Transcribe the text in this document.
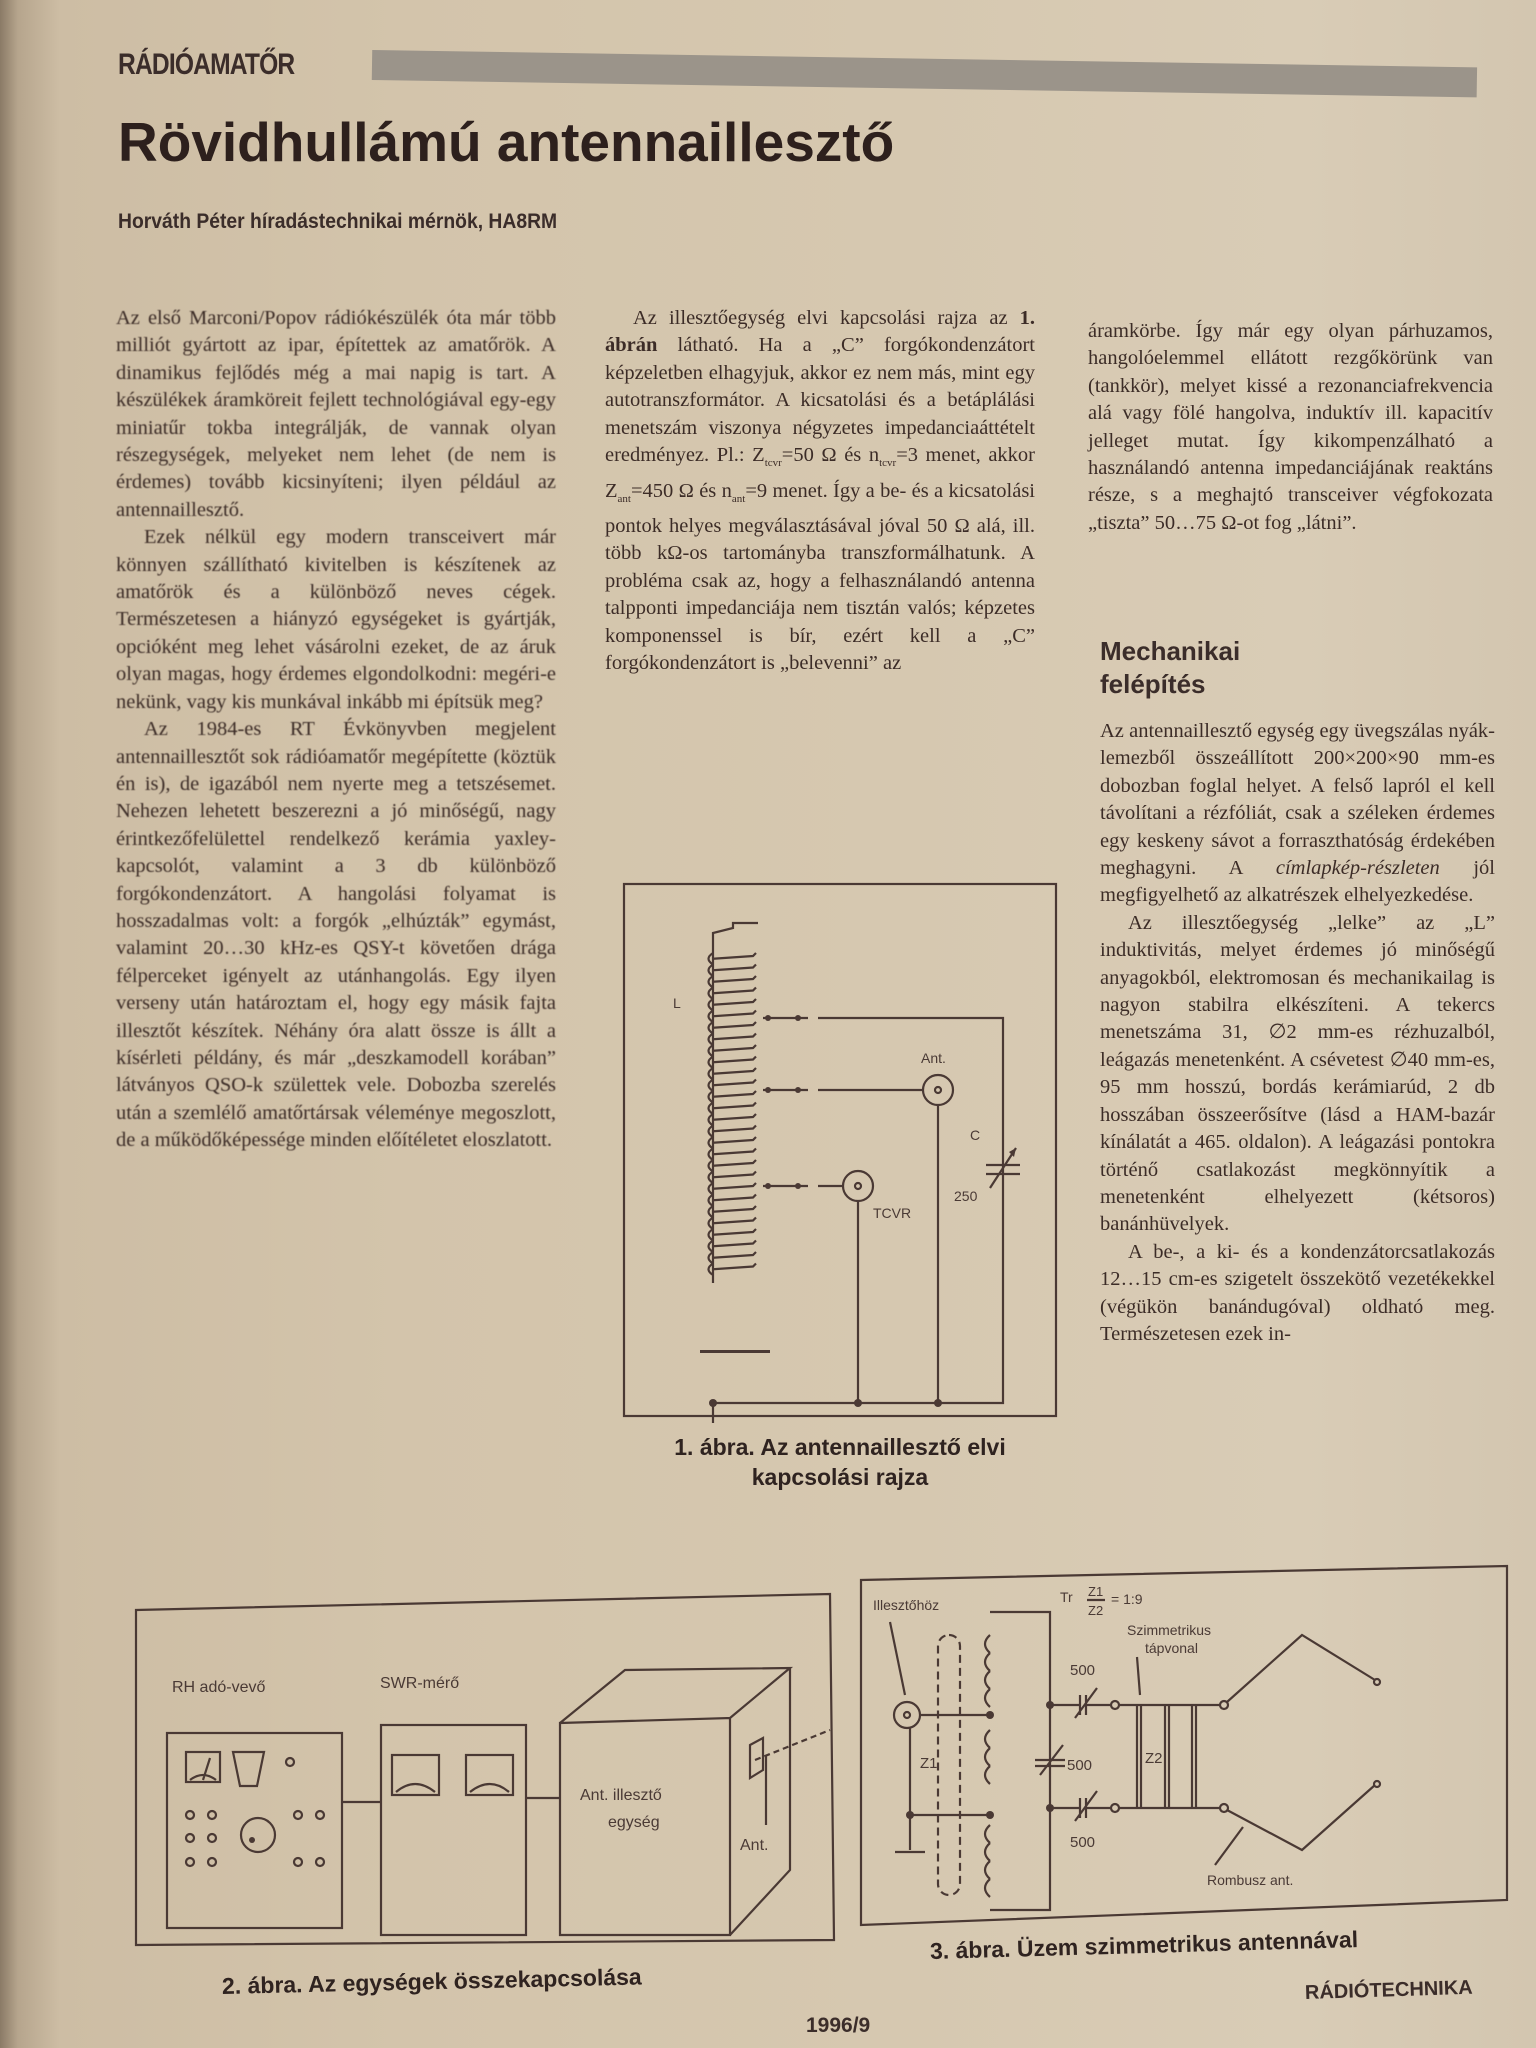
RÁDIÓAMATŐR
Rövidhullámú antennaillesztő
Horváth Péter híradástechnikai mérnök, HA8RM

Az első Marconi/Popov rádiókészülék óta már több milliót gyártott az ipar, építettek az amatőrök. A dinamikus fejlődés még a mai napig is tart. A készülékek áramköreit fejlett technológiával egy-egy miniatűr tokba integrálják, de vannak olyan részegységek, melyeket nem lehet (de nem is érdemes) tovább kicsinyíteni; ilyen például az antennaillesztő.

Ezek nélkül egy modern transceivert már könnyen szállítható kivitelben is készítenek az amatőrök és a különböző neves cégek. Természetesen a hiányzó egységeket is gyártják, opcióként meg lehet vásárolni ezeket, de az áruk olyan magas, hogy érdemes elgondolkodni: megéri-e nekünk, vagy kis munkával inkább mi építsük meg?

Az 1984-es RT Évkönyvben megjelent antennaillesztőt sok rádióamatőr megépítette (köztük én is), de igazából nem nyerte meg a tetszésemet. Nehezen lehetett beszerezni a jó minőségű, nagy érintkezőfelülettel rendelkező kerámia yaxley-kapcsolót, valamint a 3 db különböző forgókondenzátort. A hangolási folyamat is hosszadalmas volt: a forgók „elhúzták” egymást, valamint 20…30 kHz-es QSY-t követően drága félperceket igényelt az utánhangolás. Egy ilyen verseny után határoztam el, hogy egy másik fajta illesztőt készítek. Néhány óra alatt össze is állt a kísérleti példány, és már „deszkamodell korában” látványos QSO-k születtek vele. Dobozba szerelés után a szemlélő amatőrtársak véleménye megoszlott, de a működőképessége minden előítéletet eloszlatott.

Az illesztőegység elvi kapcsolási rajza az 1. ábrán látható. Ha a „C” forgókondenzátort képzeletben elhagyjuk, akkor ez nem más, mint egy autotranszformátor. A kicsatolási és a betáplálási menetszám viszonya négyzetes impedanciaáttételt eredményez. Pl.: $Z_{tcvr}=50$ Ω és $n_{tcvr}=3$ menet, akkor $Z_{ant}=450$ Ω és $n_{ant}=9$ menet. Így a be- és a kicsatolási pontok helyes megválasztásával jóval 50 Ω alá, ill. több kΩ-os tartományba transzformálhatunk. A probléma csak az, hogy a felhasználandó antenna talpponti impedanciája nem tisztán valós; képzetes komponenssel is bír, ezért kell a „C” forgókondenzátort is „belevenni” az

áramkörbe. Így már egy olyan párhuzamos, hangolóelemmel ellátott rezgőkörünk van (tankkör), melyet kissé a rezonanciafrekvencia alá vagy fölé hangolva, induktív ill. kapacitív jelleget mutat. Így kikompenzálható a használandó antenna impedanciájának reaktáns része, s a meghajtó transceiver végfokozata „tiszta” 50…75 Ω-ot fog „látni”.

Mechanikai
felépítés

Az antennaillesztő egység egy üvegszálas nyák-lemezből összeállított 200×200×90 mm-es dobozban foglal helyet. A felső lapról el kell távolítani a rézfóliát, csak a széleken érdemes egy keskeny sávot a forraszthatóság érdekében meghagyni. A címlapkép-részleten jól megfigyelhető az alkatrészek elhelyezkedése.

Az illesztőegység „lelke” az „L” induktivitás, melyet érdemes jó minőségű anyagokból, elektromosan és mechanikailag is nagyon stabilra elkészíteni. A tekercs menetszáma 31, ∅2 mm-es rézhuzalból, leágazás menetenként. A csévetest ∅40 mm-es, 95 mm hosszú, bordás kerámiarúd, 2 db hosszában összeerősítve (lásd a HAM-bazár kínálatát a 465. oldalon). A leágazási pontokra történő csatlakozást megkönnyítik a menetenként elhelyezett (kétsoros) banánhüvelyek.

A be-, a ki- és a kondenzátorcsatlakozás 12…15 cm-es szigetelt összekötő vezetékekkel (végükön banándugóval) oldható meg. Természetesen ezek in-

L
Ant.
TCVR
C
250
1. ábra. Az antennaillesztő elvi
kapcsolási rajza
RH adó-vevő	SWR-mérő
Ant. illesztő
egység
Ant.
2. ábra. Az egységek összekapcsolása
Illesztőhöz	Tr Z1
Z2
= 1:9
Z1
500
500
500
Z2
Szimmetrikus
tápvonal
Rombusz ant.
3. ábra. Üzem szimmetrikus antennával
1996/9
RÁDIÓTECHNIKA
